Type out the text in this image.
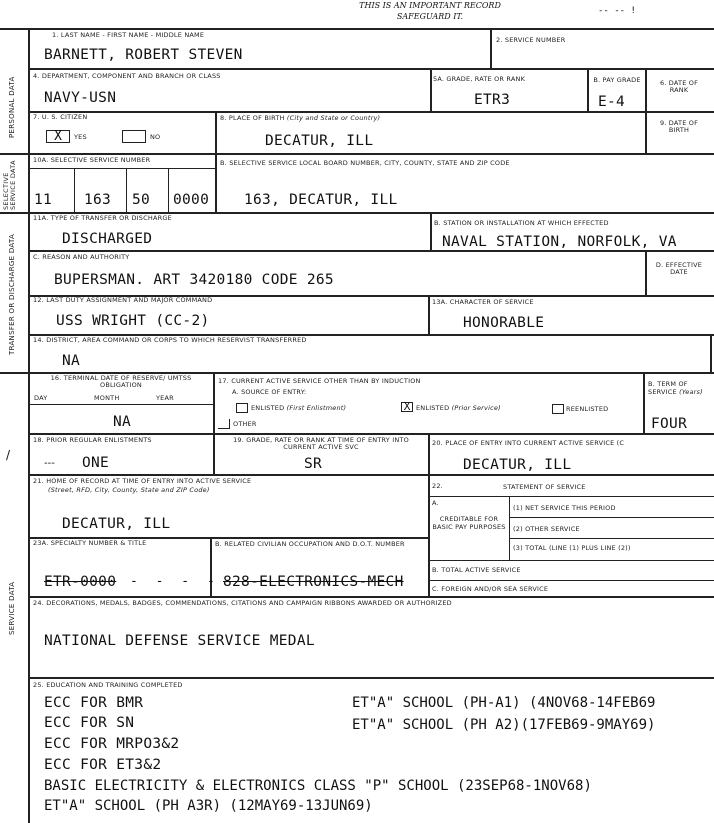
THIS IS AN IMPORTANT RECORD
SAFEGUARD IT.
-- -- !
PERSONAL DATA
SELECTIVE SERVICE DATA
TRANSFER OR DISCHARGE DATA
SERVICE DATA
/
1. LAST NAME - FIRST NAME - MIDDLE NAME
BARNETT, ROBERT STEVEN
2. SERVICE NUMBER
4. DEPARTMENT, COMPONENT AND BRANCH OR CLASS
NAVY-USN
5A. GRADE, RATE OR RANK
ETR3
B. PAY GRADE
E-4
6. DATE OF RANK
7. U. S. CITIZEN
X	YES	NO
8. PLACE OF BIRTH (City and State or Country)
DECATUR, ILL
9. DATE OF BIRTH
10A. SELECTIVE SERVICE NUMBER	B. SELECTIVE SERVICE LOCAL BOARD NUMBER, CITY, COUNTY, STATE AND ZIP CODE
11 163 50 0000 163, DECATUR, ILL
11A. TYPE OF TRANSFER OR DISCHARGE
DISCHARGED
B. STATION OR INSTALLATION AT WHICH EFFECTED
NAVAL STATION, NORFOLK, VA
C. REASON AND AUTHORITY
BUPERSMAN. ART 3420180 CODE 265
D. EFFECTIVE DATE
12. LAST DUTY ASSIGNMENT AND MAJOR COMMAND
USS WRIGHT (CC-2)
13A. CHARACTER OF SERVICE
HONORABLE
14. DISTRICT, AREA COMMAND OR CORPS TO WHICH RESERVIST TRANSFERRED
NA
16. TERMINAL DATE OF RESERVE/ UMTSS OBLIGATION
DAY	MONTH	YEAR
NA
17. CURRENT ACTIVE SERVICE OTHER THAN BY INDUCTION
A. SOURCE OF ENTRY:
ENLISTED (First Enlistment)	X ENLISTED (Prior Service)	REENLISTED
OTHER
B. TERM OF SERVICE (Years)
FOUR
18. PRIOR REGULAR ENLISTMENTS
--- ONE
19. GRADE, RATE OR RANK AT TIME OF ENTRY INTO CURRENT ACTIVE SVC
SR
20. PLACE OF ENTRY INTO CURRENT ACTIVE SERVICE (C
DECATUR, ILL
21. HOME OF RECORD AT TIME OF ENTRY INTO ACTIVE SERVICE
(Street, RFD, City, County, State and ZIP Code)
DECATUR, ILL
22.	STATEMENT OF SERVICE
A.
CREDITABLE FOR BASIC PAY PURPOSES
(1) NET SERVICE THIS PERIOD
(2) OTHER SERVICE
(3) TOTAL (LINE (1) PLUS LINE (2))
B. TOTAL ACTIVE SERVICE
C. FOREIGN AND/OR SEA SERVICE
23A. SPECIALTY NUMBER & TITLE
ETR-0000 - - - -
B. RELATED CIVILIAN OCCUPATION AND D.O.T. NUMBER
828-ELECTRONICS-MECH
24. DECORATIONS, MEDALS, BADGES, COMMENDATIONS, CITATIONS AND CAMPAIGN RIBBONS AWARDED OR AUTHORIZED
NATIONAL DEFENSE SERVICE MEDAL
25. EDUCATION AND TRAINING COMPLETED
ECC FOR BMR
ECC FOR SN
ECC FOR MRPO3&2
ECC FOR ET3&2
ET"A" SCHOOL (PH-A1) (4NOV68-14FEB69
ET"A" SCHOOL (PH A2)(17FEB69-9MAY69)
BASIC ELECTRICITY & ELECTRONICS CLASS "P" SCHOOL (23SEP68-1NOV68)
ET"A" SCHOOL (PH A3R) (12MAY69-13JUN69)
